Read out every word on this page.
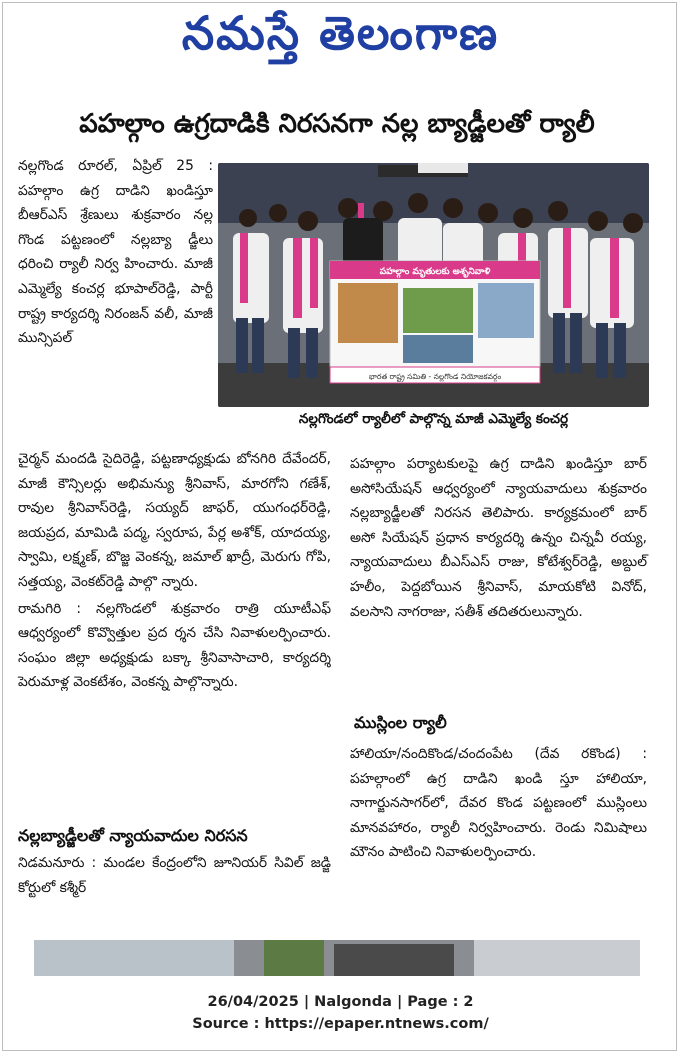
నమస్తే తెలంగాణ
పహల్గాం ఉగ్రదాడికి నిరసనగా నల్ల బ్యాడ్జీలతో ర్యాలీ
పహల్గాం మృతులకు అశృనివాళి
భారత రాష్ట్ర సమితి - నల్లగొండ నియోజకవర్గం
నల్లగొండలో ర్యాలీలో పాల్గొన్న మాజీ ఎమ్మెల్యే కంచర్ల

నల్లగొండ రూరల్, ఏప్రిల్ 25 : పహల్గాం ఉగ్ర దాడిని ఖండిస్తూ బీఆర్‌ఎస్ శ్రేణులు శుక్రవారం నల్ల గొండ పట్టణంలో నల్లబ్యా డ్జీలు ధరించి ర్యాలీ నిర్వ హించారు. మాజీ ఎమ్మెల్యే కంచర్ల భూపాల్‌రెడ్డి, పార్టీ రాష్ట్ర కార్యదర్శి నిరంజన్ వలీ, మాజీ మున్సిపల్

చైర్మన్ మందడి సైదిరెడ్డి, పట్టణాధ్యక్షుడు బోనగిరి దేవేందర్, మాజీ కౌన్సిలర్లు అభిమన్యు శ్రీనివాస్, మారగోని గణేశ్, రావుల శ్రీనివాస్‌రెడ్డి, సయ్యద్ జాఫర్, యుగంధర్‌రెడ్డి, జయప్రద, మామిడి పద్మ, స్వరూప, పేర్ల అశోక్, యాదయ్య, స్వామి, లక్ష్మణ్, బొజ్జ వెంకన్న, జమాల్ ఖాద్రీ, మెరుగు గోపి, సత్తయ్య, వెంకట్‌రెడ్డి పాల్గొ న్నారు.

రామగిరి : నల్లగొండలో శుక్రవారం రాత్రి యూటీఎఫ్ ఆధ్వర్యంలో కొవ్వొత్తుల ప్రద ర్శన చేసి నివాళులర్పించారు. సంఘం జిల్లా అధ్యక్షుడు బక్కా శ్రీనివాసాచారి, కార్యదర్శి పెరుమాళ్ల వెంకటేశం, వెంకన్న పాల్గొన్నారు.

నల్లబ్యాడ్జీలతో న్యాయవాదుల నిరసన

నిడమనూరు : మండల కేంద్రంలోని జూనియర్ సివిల్ జడ్జి కోర్టులో కశ్మీర్

పహల్గాం పర్యాటకులపై ఉగ్ర దాడిని ఖండిస్తూ బార్ అసోసియేషన్ ఆధ్వర్యంలో న్యాయవాదులు శుక్రవారం నల్లబ్యాడ్జీలతో నిరసన తెలిపారు. కార్యక్రమంలో బార్ అసో సియేషన్ ప్రధాన కార్యదర్శి ఉన్నం చిన్నవీ రయ్య, న్యాయవాదులు బీఎస్‌ఎస్ రాజు, కోటేశ్వర్‌రెడ్డి, అబ్దుల్ హలీం, పెద్దబోయిన శ్రీనివాస్, మాయకోటి వినోద్, వలసాని నాగరాజు, సతీశ్ తదితరులున్నారు.

ముస్లింల ర్యాలీ

హాలియా/నందికొండ/చందంపేట (దేవ రకొండ) : పహల్గాంలో ఉగ్ర దాడిని ఖండి స్తూ హాలియా, నాగార్జునసాగర్‌లో, దేవర కొండ పట్టణంలో ముస్లింలు మానవహారం, ర్యాలీ నిర్వహించారు. రెండు నిమిషాలు మౌనం పాటించి నివాళులర్పించారు.

26/04/2025 | Nalgonda | Page : 2
Source : https://epaper.ntnews.com/
